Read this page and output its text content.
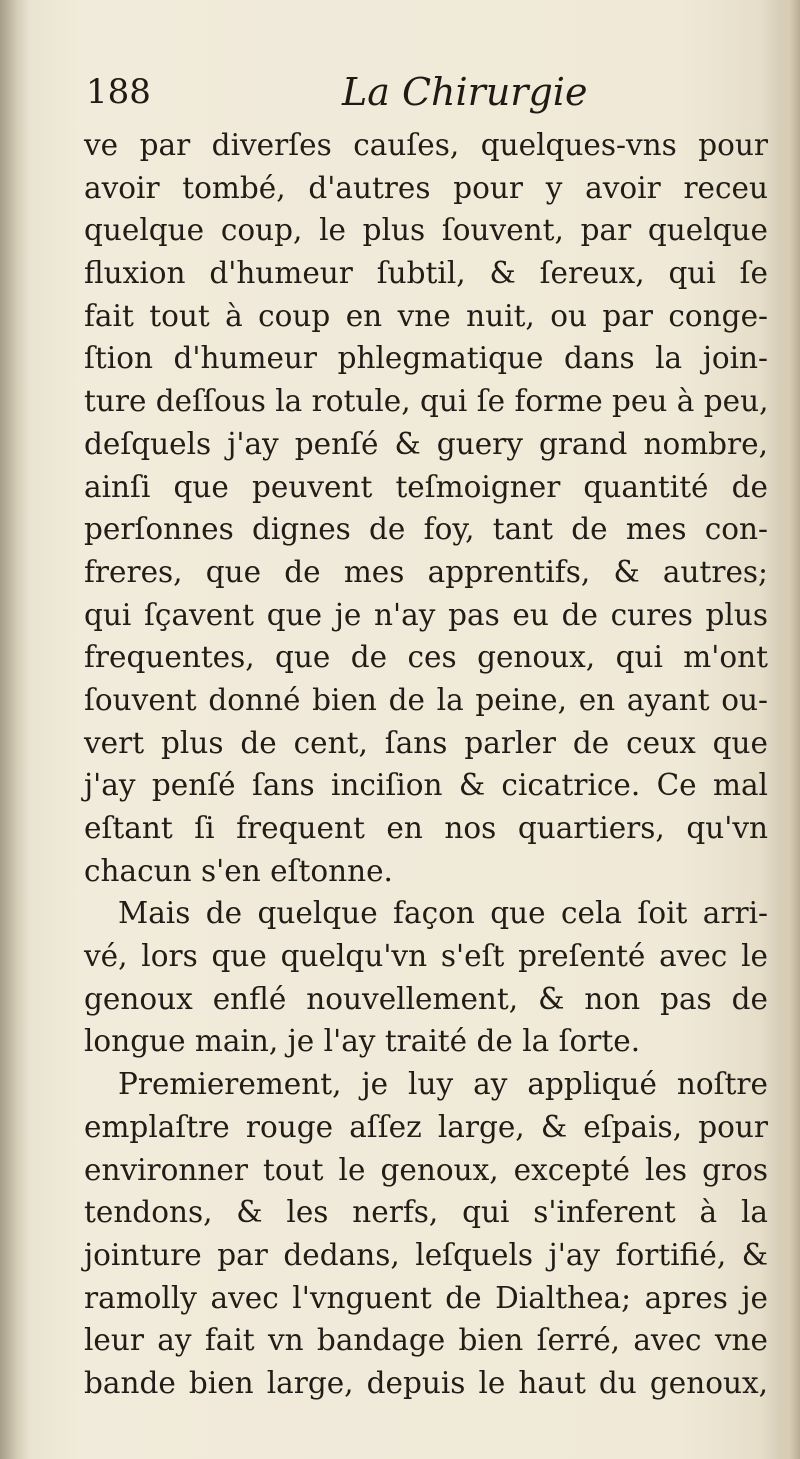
188	La Chirurgie
ve par diverſes cauſes, quelques-vns pour
avoir tombé, d'autres pour y avoir receu
quelque coup, le plus ſouvent, par quelque
fluxion d'humeur ſubtil, & ſereux, qui ſe
fait tout à coup en vne nuit, ou par conge-
ſtion d'humeur phlegmatique dans la join-
ture deſſous la rotule, qui ſe forme peu à peu,
deſquels j'ay penſé & guery grand nombre,
ainſi que peuvent teſmoigner quantité de
perſonnes dignes de foy, tant de mes con-
freres, que de mes apprentifs, & autres;
qui ſçavent que je n'ay pas eu de cures plus
frequentes, que de ces genoux, qui m'ont
ſouvent donné bien de la peine, en ayant ou-
vert plus de cent, ſans parler de ceux que
j'ay penſé ſans inciſion & cicatrice. Ce mal
eſtant ſi frequent en nos quartiers, qu'vn
chacun s'en eſtonne.
Mais de quelque façon que cela ſoit arri-
vé, lors que quelqu'vn s'eſt preſenté avec le
genoux enflé nouvellement, & non pas de
longue main, je l'ay traité de la ſorte.
Premierement, je luy ay appliqué noſtre
emplaſtre rouge aſſez large, & eſpais, pour
environner tout le genoux, excepté les gros
tendons, & les nerfs, qui s'inferent à la
jointure par dedans, leſquels j'ay fortifié, &
ramolly avec l'vnguent de Dialthea; apres je
leur ay fait vn bandage bien ſerré, avec vne
bande bien large, depuis le haut du genoux,
